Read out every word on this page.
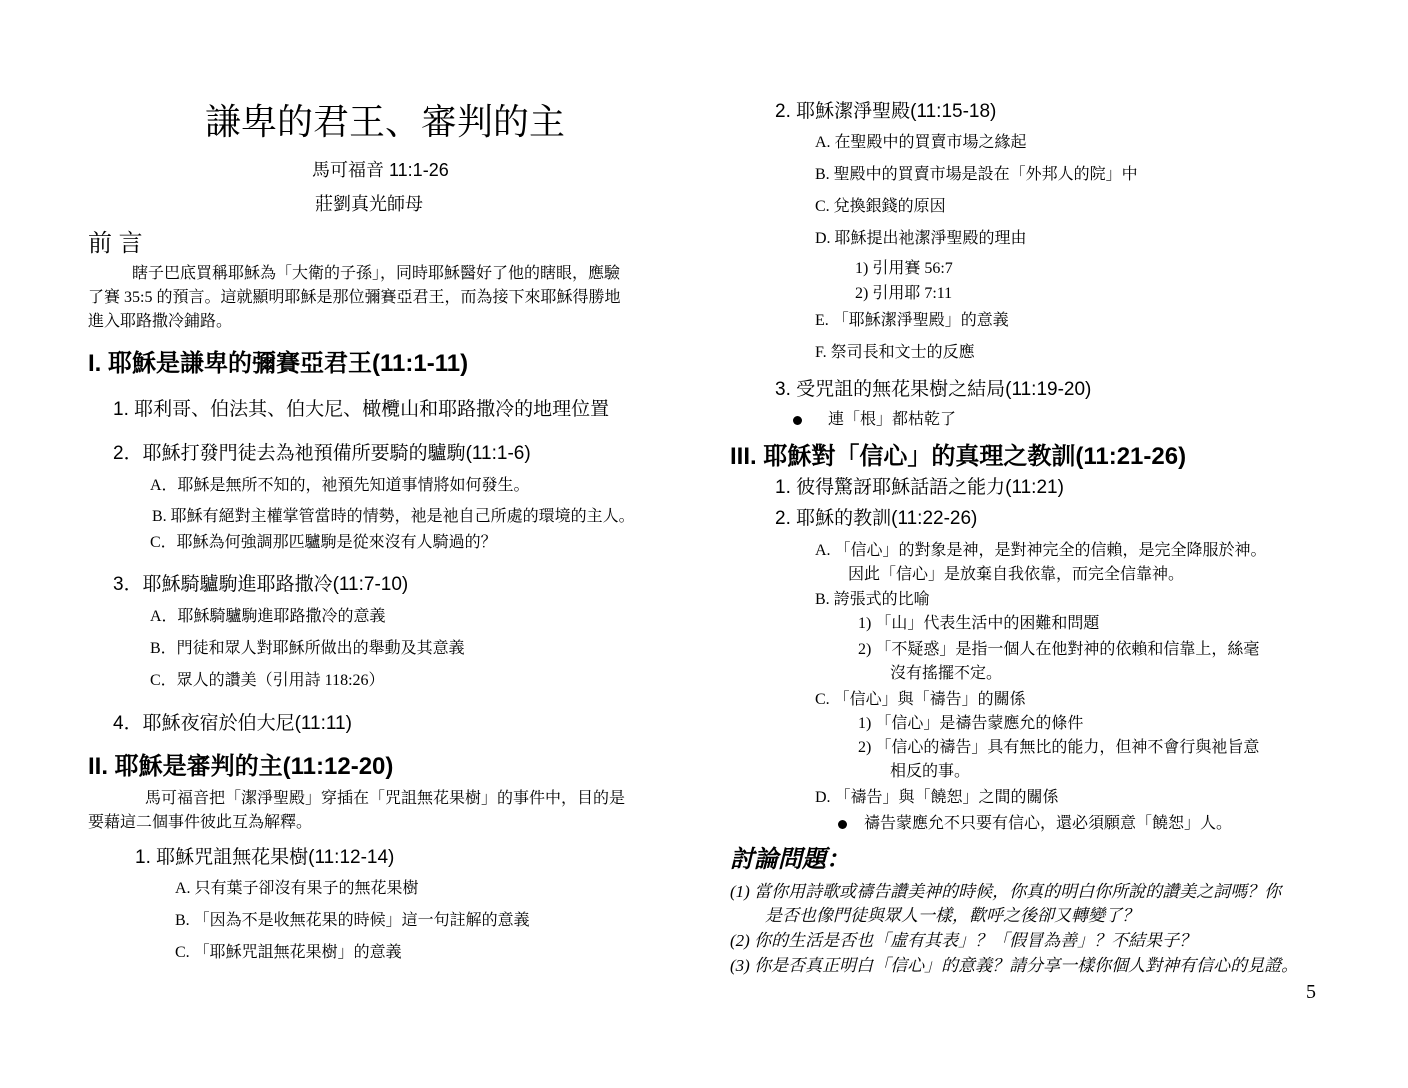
謙卑的君王、審判的主
馬可福音 11:1-26
莊劉真光師母
前 言
瞎子巴底買稱耶穌為「大衛的子孫」，同時耶穌醫好了他的瞎眼，應驗
了賽 35:5 的預言。這就顯明耶穌是那位彌賽亞君王，而為接下來耶穌得勝地
進入耶路撒冷鋪路。
I. 耶穌是謙卑的彌賽亞君王(11:1-11)
1. 耶利哥、伯法其、伯大尼、橄欖山和耶路撒冷的地理位置
2．耶穌打發門徒去為祂預備所要騎的驢駒(11:1-6)
A．耶穌是無所不知的，祂預先知道事情將如何發生。
B. 耶穌有絕對主權掌管當時的情勢，祂是祂自己所處的環境的主人。
C．耶穌為何強調那匹驢駒是從來沒有人騎過的？
3．耶穌騎驢駒進耶路撒冷(11:7-10)
A．耶穌騎驢駒進耶路撒冷的意義
B．門徒和眾人對耶穌所做出的舉動及其意義
C．眾人的讚美（引用詩 118:26）
4．耶穌夜宿於伯大尼(11:11)
II. 耶穌是審判的主(11:12-20)
馬可福音把「潔淨聖殿」穿插在「咒詛無花果樹」的事件中，目的是
要藉這二個事件彼此互為解釋。
1. 耶穌咒詛無花果樹(11:12-14)
A. 只有葉子卻沒有果子的無花果樹
B. 「因為不是收無花果的時候」這一句註解的意義
C. 「耶穌咒詛無花果樹」的意義
2. 耶穌潔淨聖殿(11:15-18)
A. 在聖殿中的買賣市場之緣起
B. 聖殿中的買賣市場是設在「外邦人的院」中
C. 兌換銀錢的原因
D. 耶穌提出祂潔淨聖殿的理由
1) 引用賽 56:7
2) 引用耶 7:11
E. 「耶穌潔淨聖殿」的意義
F. 祭司長和文士的反應
3. 受咒詛的無花果樹之結局(11:19-20)
連「根」都枯乾了
III. 耶穌對「信心」的真理之教訓(11:21-26)
1. 彼得驚訝耶穌話語之能力(11:21)
2. 耶穌的教訓(11:22-26)
A. 「信心」的對象是神，是對神完全的信賴，是完全降服於神。
因此「信心」是放棄自我依靠，而完全信靠神。
B. 誇張式的比喻
1) 「山」代表生活中的困難和問題
2) 「不疑惑」是指一個人在他對神的依賴和信靠上，絲毫
沒有搖擺不定。
C. 「信心」與「禱告」的關係
1) 「信心」是禱告蒙應允的條件
2) 「信心的禱告」具有無比的能力，但神不會行與祂旨意
相反的事。
D. 「禱告」與「饒恕」之間的關係
禱告蒙應允不只要有信心，還必須願意「饒恕」人。
討論問題：
(1) 當你用詩歌或禱告讚美神的時候，你真的明白你所說的讚美之詞嗎？你
是否也像門徒與眾人一樣，歡呼之後卻又轉變了？
(2) 你的生活是否也「虛有其表」？「假冒為善」？不結果子？
(3) 你是否真正明白「信心」的意義？請分享一樣你個人對神有信心的見證。
5
